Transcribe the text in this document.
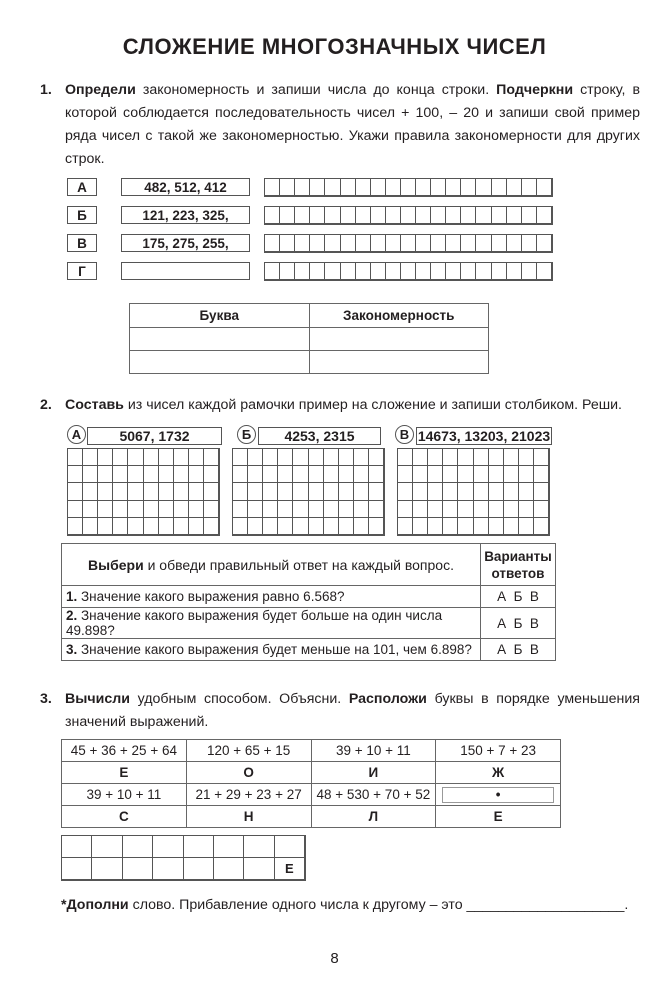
СЛОЖЕНИЕ МНОГОЗНАЧНЫХ ЧИСЕЛ
1. Определи закономерность и запиши числа до конца строки. Подчеркни строку, в которой соблюдается последовательность чисел + 100, – 20 и запиши свой пример ряда чисел с такой же закономерностью. Укажи правила закономерности для других строк.
А	482, 512, 412
Б	121, 223, 325,
В	175, 275, 255,
Г
Буква	Закономерность

2. Составь из чисел каждой рамочки пример на сложение и запиши столбиком. Реши.
А	5067, 1732	Б	4253, 2315	В 14673, 13203, 21023
Выбери и обведи правильный ответ на каждый вопрос.	Варианты ответов
1. Значение какого выражения равно 6.568?	А  Б  В
2. Значение какого выражения будет больше на один числа 49.898?	А  Б  В
3. Значение какого выражения будет меньше на 101, чем 6.898?	А  Б  В
3. Вычисли удобным способом. Объясни. Расположи буквы в порядке уменьшения значений выражений.
45 + 36 + 25 + 64	120 + 65 + 15	39 + 10 + 11	150 + 7 + 23
Е	О	И	Ж
39 + 10 + 11	21 + 29 + 23 + 27	48 + 530 + 70 + 52	•

С	Н	Л	Е
Е
*Дополни слово. Прибавление одного числа к другому – это ____________________.
8
